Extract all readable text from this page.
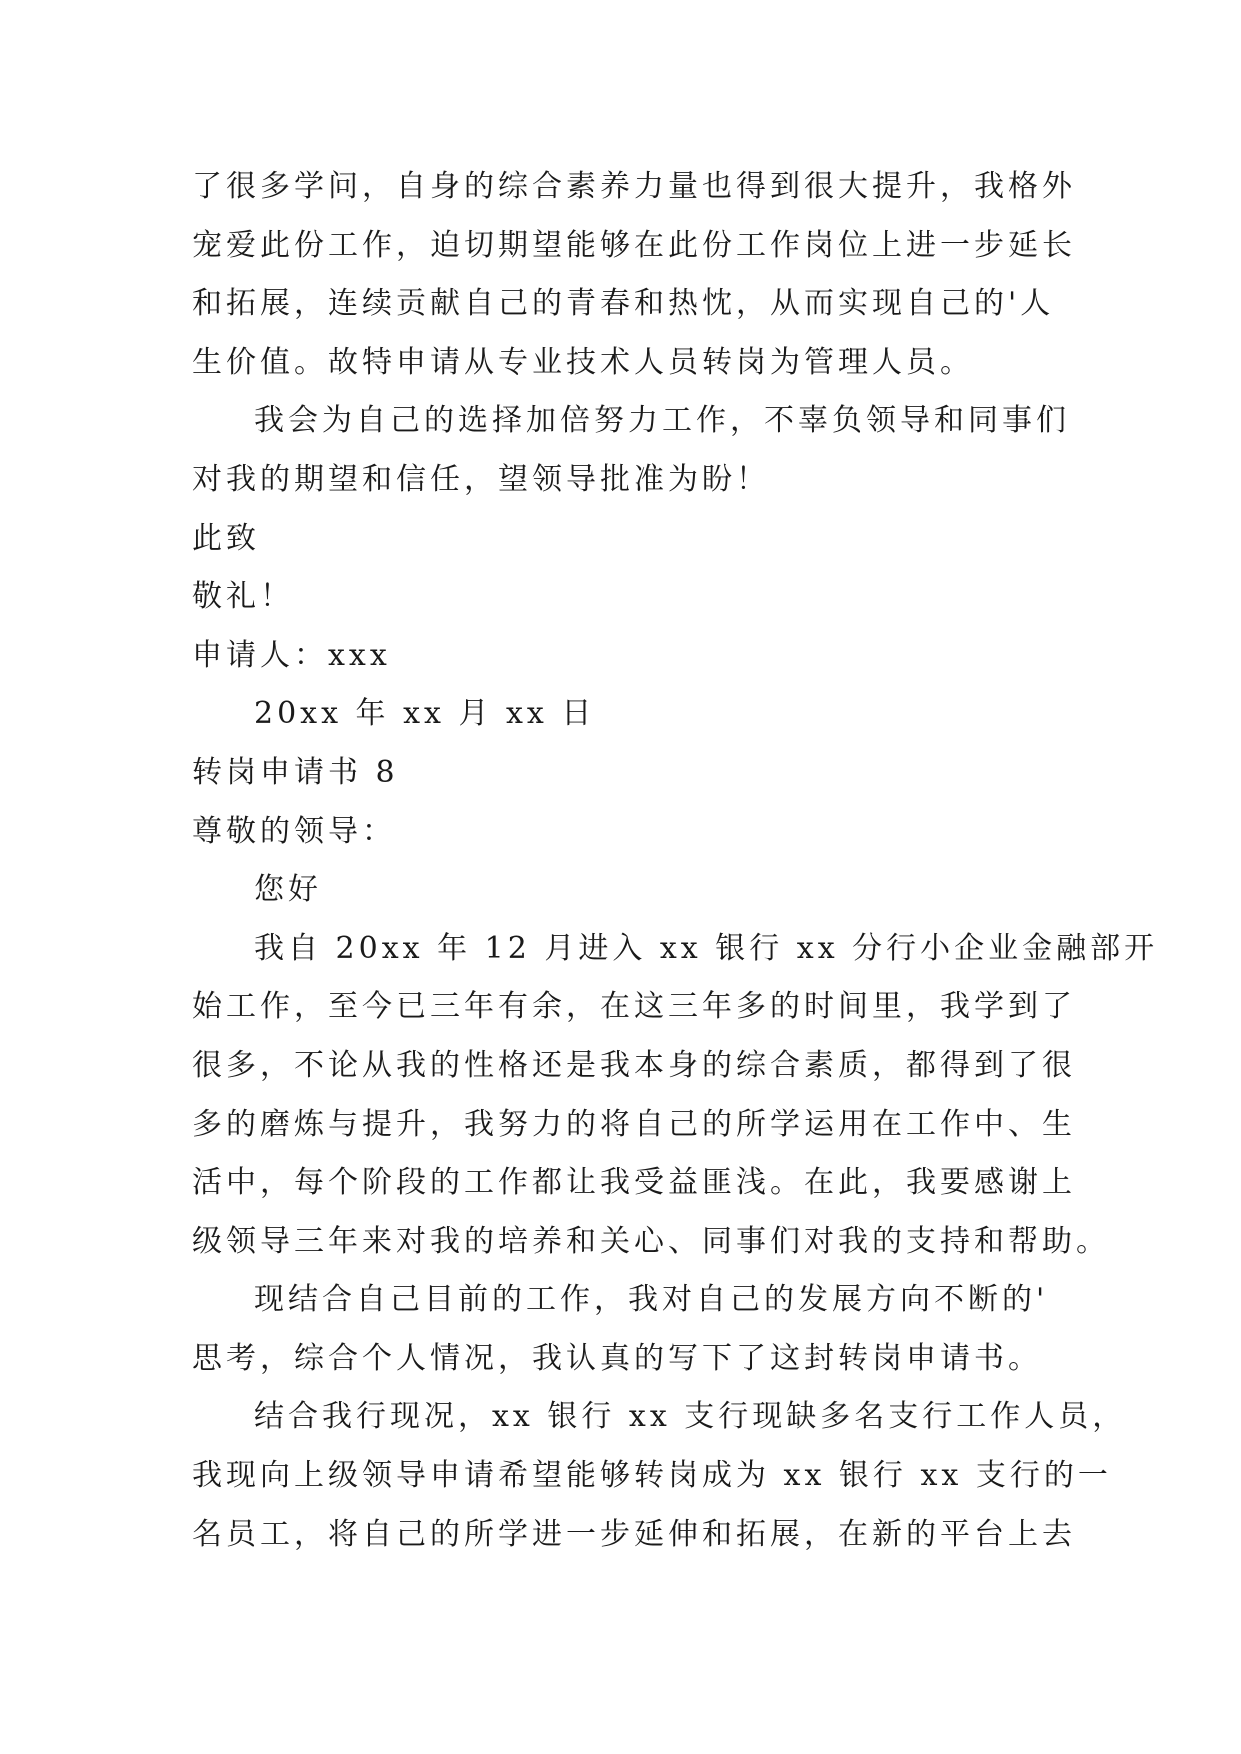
了很多学问，自身的综合素养力量也得到很大提升，我格外
宠爱此份工作，迫切期望能够在此份工作岗位上进一步延长
和拓展，连续贡献自己的青春和热忱，从而实现自己的'人
生价值。故特申请从专业技术人员转岗为管理人员。
我会为自己的选择加倍努力工作，不辜负领导和同事们
对我的期望和信任，望领导批准为盼！
此致
敬礼！
申请人：xxx
20xx 年 xx 月 xx 日
转岗申请书 8
尊敬的领导：
您好
我自 20xx 年 12 月进入 xx 银行 xx 分行小企业金融部开
始工作，至今已三年有余，在这三年多的时间里，我学到了
很多，不论从我的性格还是我本身的综合素质，都得到了很
多的磨炼与提升，我努力的将自己的所学运用在工作中、生
活中，每个阶段的工作都让我受益匪浅。在此，我要感谢上
级领导三年来对我的培养和关心、同事们对我的支持和帮助。
现结合自己目前的工作，我对自己的发展方向不断的'
思考，综合个人情况，我认真的写下了这封转岗申请书。
结合我行现况，xx 银行 xx 支行现缺多名支行工作人员，
我现向上级领导申请希望能够转岗成为 xx 银行 xx 支行的一
名员工，将自己的所学进一步延伸和拓展，在新的平台上去
